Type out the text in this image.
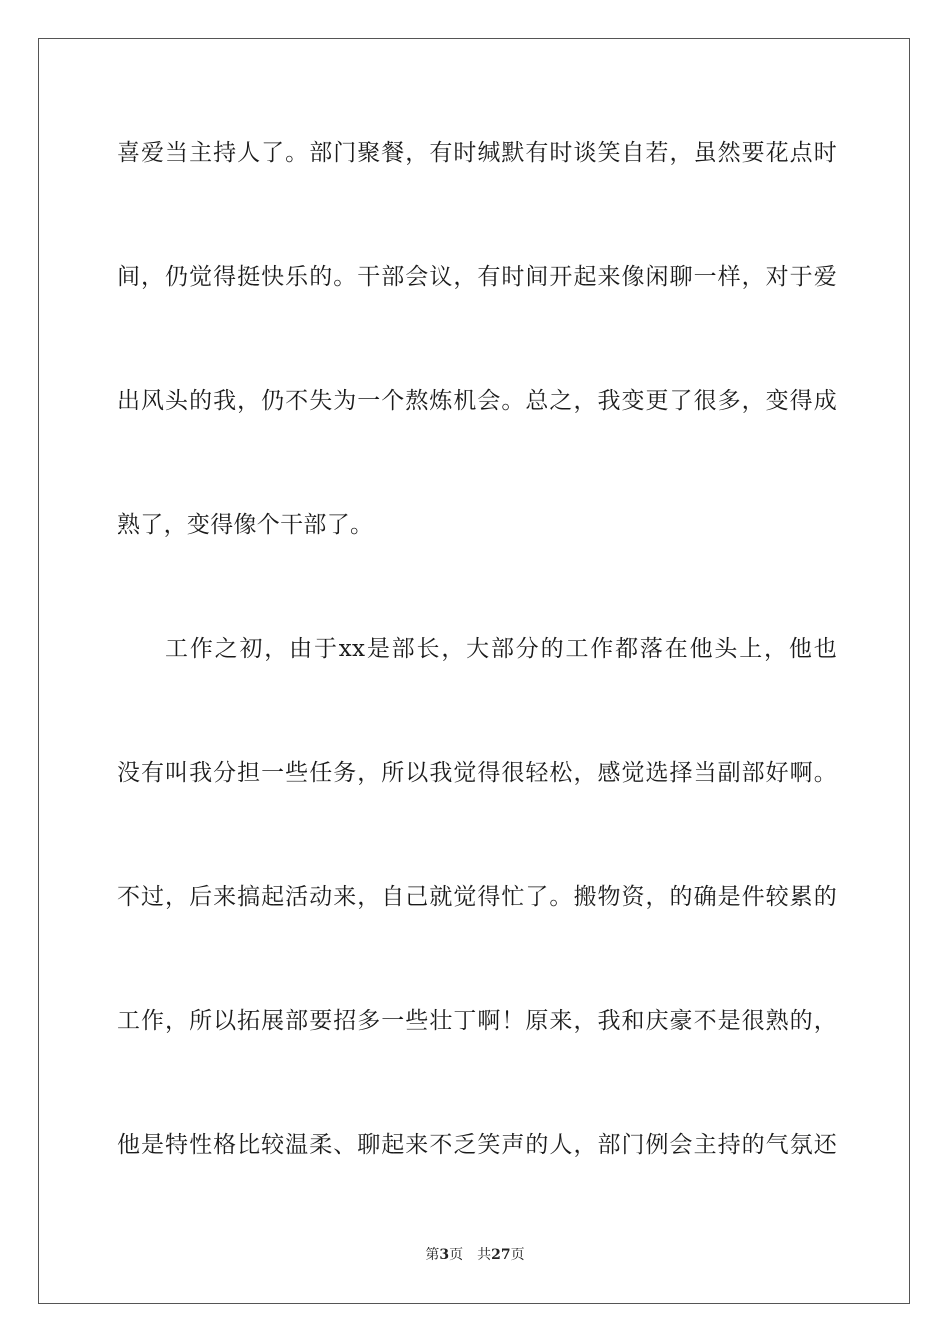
喜爱当主持人了。部门聚餐，有时缄默有时谈笑自若，虽然要花点时
间，仍觉得挺快乐的。干部会议，有时间开起来像闲聊一样，对于爱
出风头的我，仍不失为一个熬炼机会。总之，我变更了很多，变得成
熟了，变得像个干部了。
工作之初，由于xx是部长，大部分的工作都落在他头上，他也
没有叫我分担一些任务，所以我觉得很轻松，感觉选择当副部好啊。
不过，后来搞起活动来，自己就觉得忙了。搬物资，的确是件较累的
工作，所以拓展部要招多一些壮丁啊！原来，我和庆豪不是很熟的，
他是特性格比较温柔、聊起来不乏笑声的人，部门例会主持的气氛还
第3页 共27页
